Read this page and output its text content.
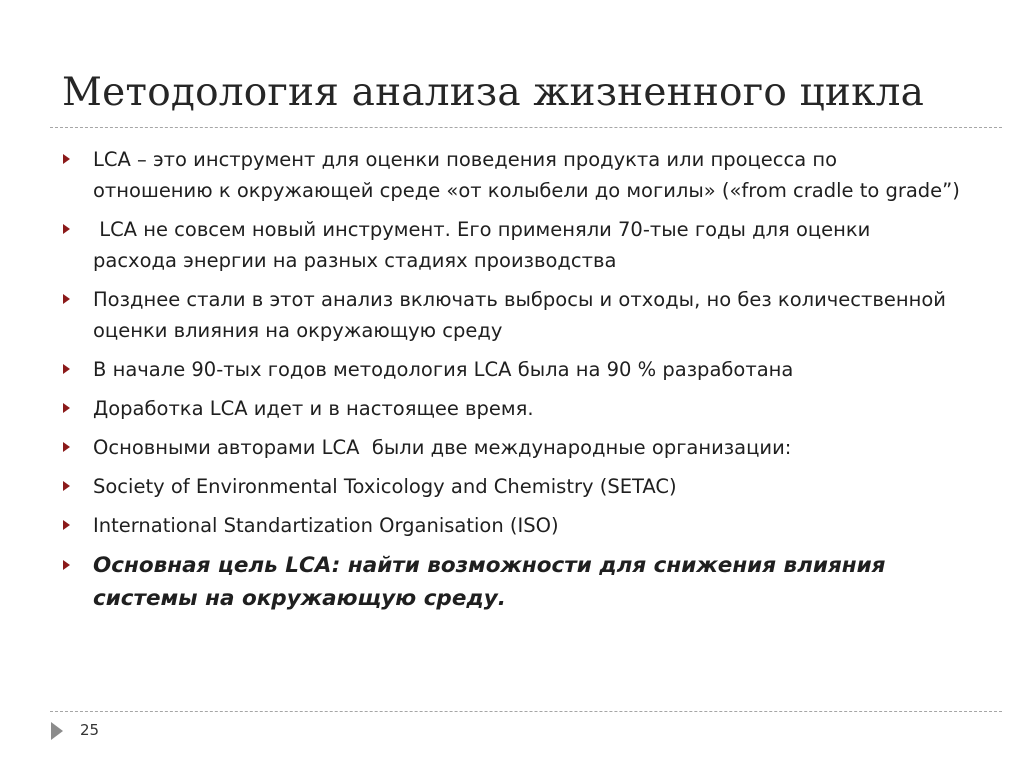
Методология анализа жизненного цикла
LCA – это инструмент для оценки поведения продукта или процесса по отношению к окружающей среде «от колыбели до могилы» («from cradle to grade”)
LCA не совсем новый инструмент. Его применяли 70-тые годы для оценки расхода энергии на разных стадиях производства
Позднее стали в этот анализ включать выбросы и отходы, но без количественной оценки влияния на окружающую среду
В начале 90-тых годов методология LCA была на 90 % разработана
Доработка LCA идет и в настоящее время.
Основными авторами LCA  были две международные организации:
Society of Environmental Toxicology and Chemistry (SETAC)
International Standartization Organisation (ISO)
Основная цель LCA: найти возможности для снижения влияния системы на окружающую среду.
25
